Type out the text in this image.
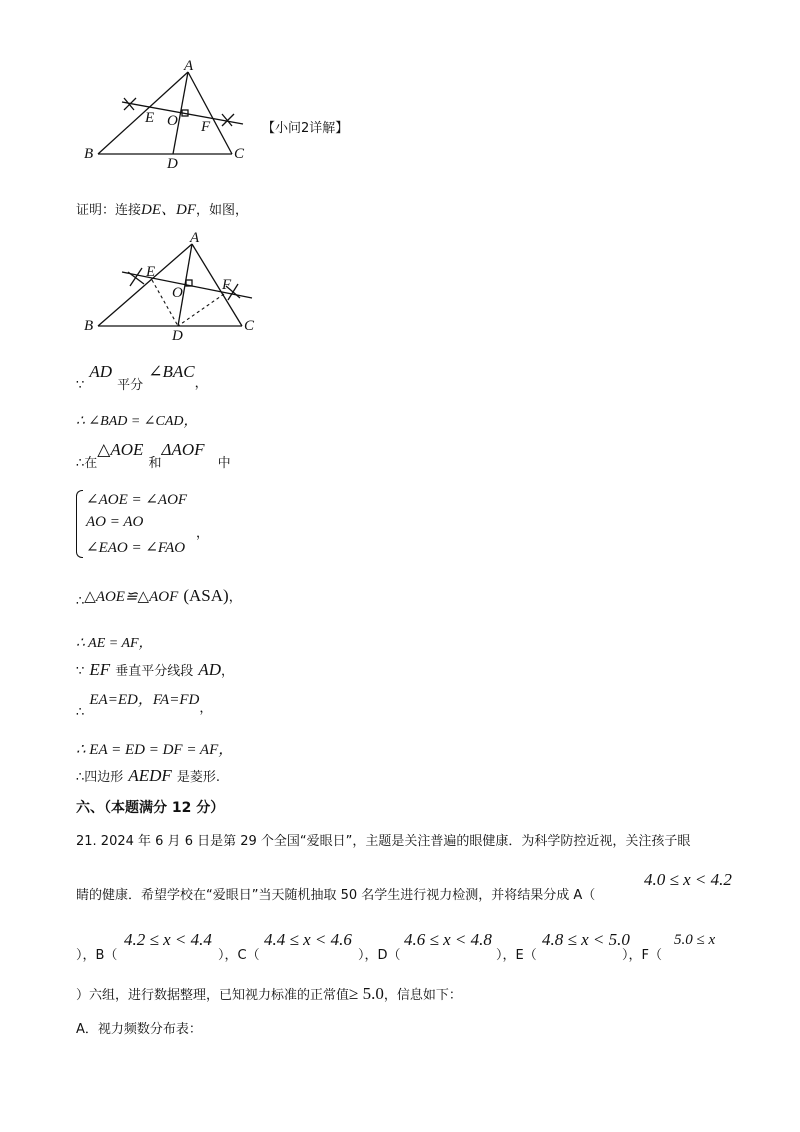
A
B	C
D
E
F
O	【小问2详解】
证明：连接DE、DF，如图，
A
B	C
D
E
F
O
$_\because$ AD $_{平分}$ $\angle BAC_,$
∴ ∠BAD = ∠CAD，
$_{\therefore 在}$△AOE $_和$ΔAOF $_中$
∠AOE = ∠AOF
AO = AO
∠EAO = ∠FAO
，
$_\therefore$△AOE≌△AOF (ASA)，
∴ AE = AF，
∵ EF 垂直平分线段 AD，
$_\therefore$ EA=ED，$FA=FD_,$
∴ EA = ED = DF = AF，
∴四边形 AEDF 是菱形.
六、（本题满分 12 分）
21. 2024 年 6 月 6 日是第 29 个全国“爱眼日”，主题是关注普遍的眼健康．为科学防控近视，关注孩子眼
$_{睛的健康.希望学校在“爱眼日”当天随机抽取 50 名学生进行视力检测,并将结果分成 A(}$
4.0 ≤ x < 4.2
），B（
4.2 ≤ x < 4.4
），C（
4.4 ≤ x < 4.6
），D（
4.6 ≤ x < 4.8
），E（
4.8 ≤ x < 5.0
），F（
5.0 ≤ x
）六组，进行数据整理，已知视力标准的正常值≥ 5.0，信息如下：
A．视力频数分布表：
